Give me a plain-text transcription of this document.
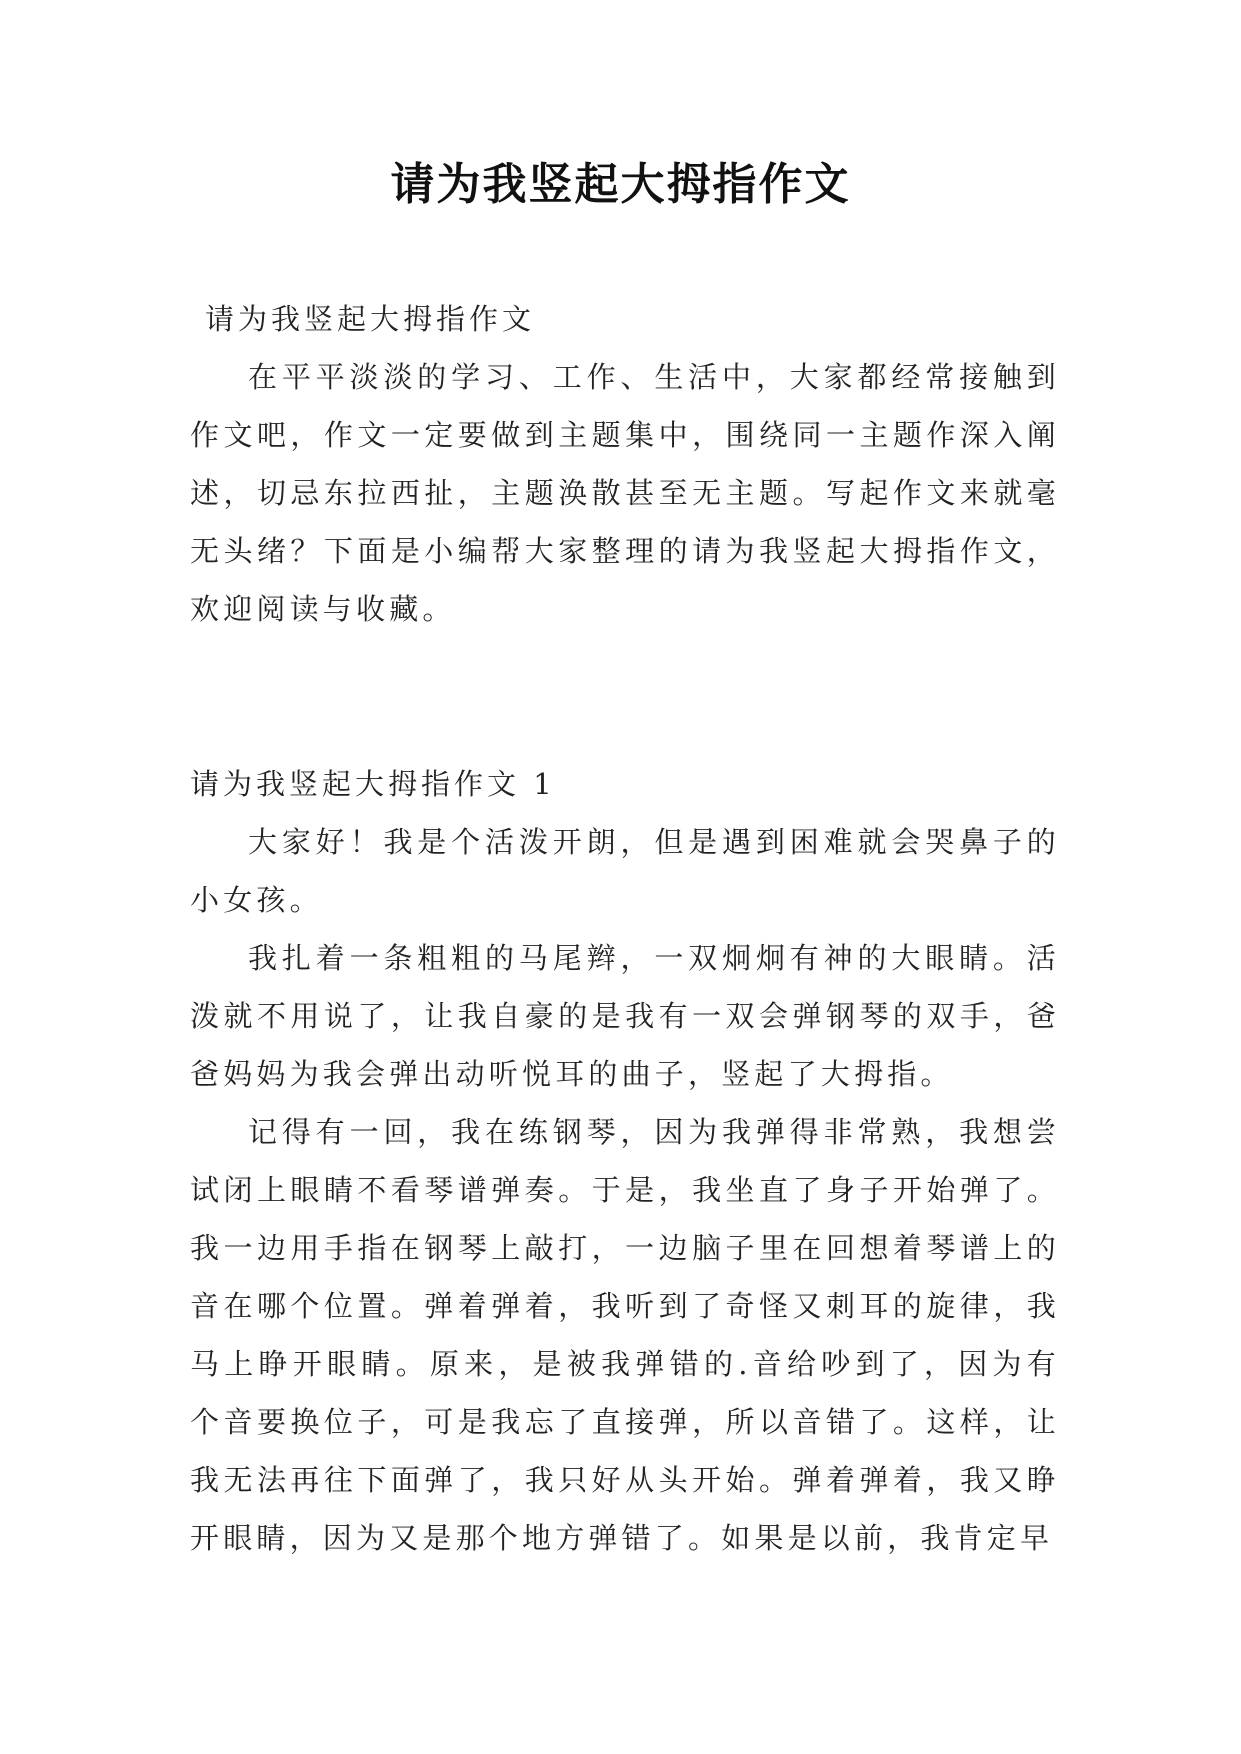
请为我竖起大拇指作文
请为我竖起大拇指作文

在平平淡淡的学习、工作、生活中，大家都经常接触到作文吧，作文一定要做到主题集中，围绕同一主题作深入阐述，切忌东拉西扯，主题涣散甚至无主题。写起作文来就毫无头绪？下面是小编帮大家整理的请为我竖起大拇指作文，欢迎阅读与收藏。

请为我竖起大拇指作文 1

大家好！我是个活泼开朗，但是遇到困难就会哭鼻子的小女孩。

我扎着一条粗粗的马尾辫，一双炯炯有神的大眼睛。活泼就不用说了，让我自豪的是我有一双会弹钢琴的双手，爸爸妈妈为我会弹出动听悦耳的曲子，竖起了大拇指。

记得有一回，我在练钢琴，因为我弹得非常熟，我想尝试闭上眼睛不看琴谱弹奏。于是，我坐直了身子开始弹了。我一边用手指在钢琴上敲打，一边脑子里在回想着琴谱上的音在哪个位置。弹着弹着，我听到了奇怪又刺耳的旋律，我马上睁开眼睛。原来，是被我弹错的.音给吵到了，因为有个音要换位子，可是我忘了直接弹，所以音错了。这样，让我无法再往下面弹了，我只好从头开始。弹着弹着，我又睁开眼睛，因为又是那个地方弹错了。如果是以前，我肯定早
